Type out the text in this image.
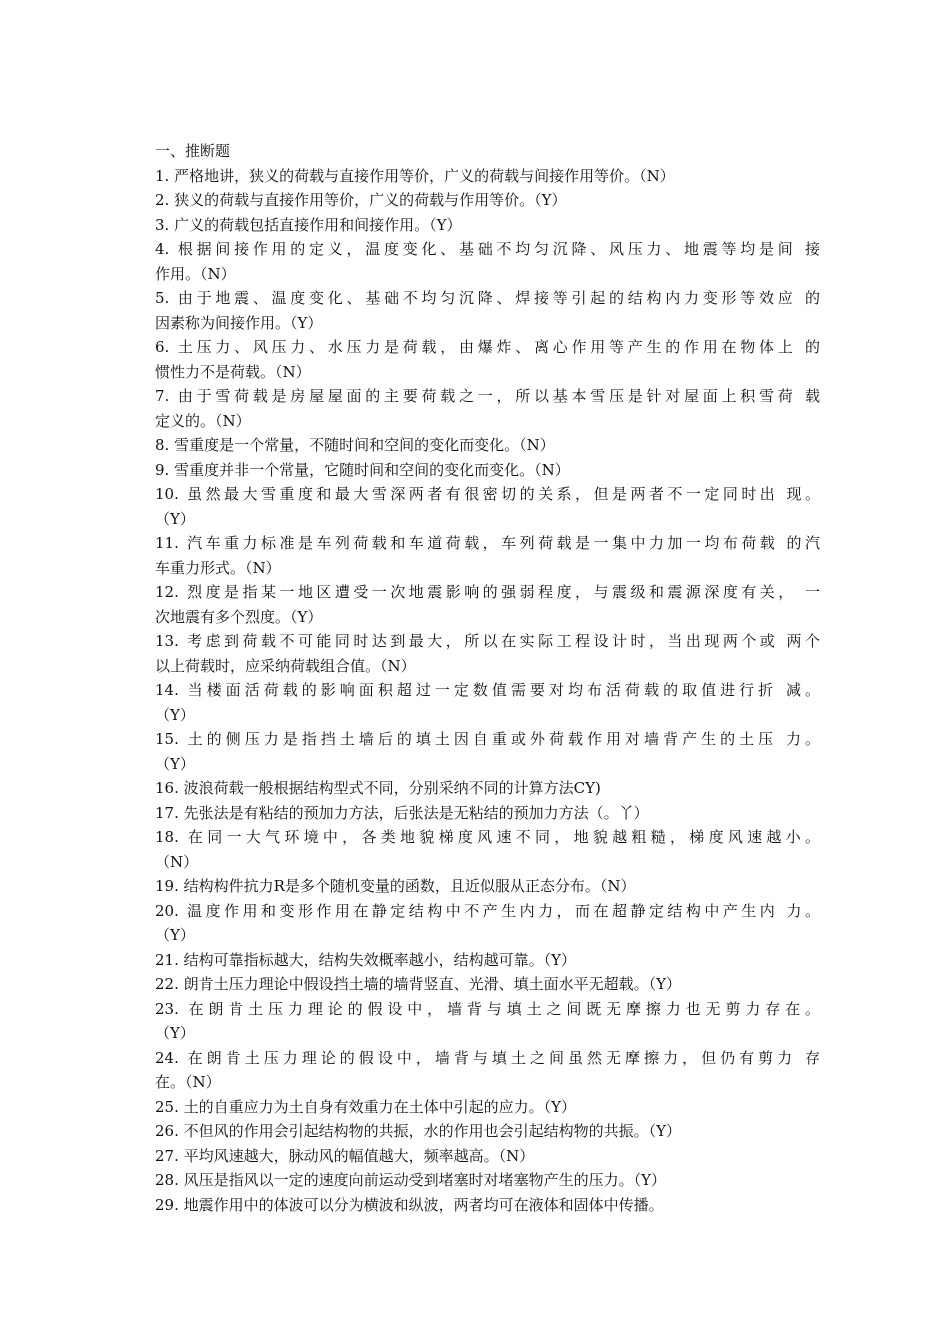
一、推断题
1. 严格地讲，狭义的荷载与直接作用等价，广义的荷载与间接作用等价。（N）
2. 狭义的荷载与直接作用等价，广义的荷载与作用等价。（Y）
3. 广义的荷载包括直接作用和间接作用。（Y）
4. 根据间接作用的定义，温度变化、基础不均匀沉降、风压力、地震等均是间 接
作用。（N）
5. 由于地震、温度变化、基础不均匀沉降、焊接等引起的结构内力变形等效应 的
因素称为间接作用。（Y）
6. 土压力、风压力、水压力是荷载，由爆炸、离心作用等产生的作用在物体上 的
惯性力不是荷载。（N）
7. 由于雪荷载是房屋屋面的主要荷载之一，所以基本雪压是针对屋面上积雪荷 载
定义的。（N）
8. 雪重度是一个常量，不随时间和空间的变化而变化。（N）
9. 雪重度并非一个常量，它随时间和空间的变化而变化。（N）
10. 虽然最大雪重度和最大雪深两者有很密切的关系，但是两者不一定同时出 现。
（Y）
11. 汽车重力标准是车列荷载和车道荷载，车列荷载是一集中力加一均布荷载 的汽
车重力形式。（N）
12. 烈度是指某一地区遭受一次地震影响的强弱程度，与震级和震源深度有关， 一
次地震有多个烈度。（Y）
13. 考虑到荷载不可能同时达到最大，所以在实际工程设计时，当出现两个或 两个
以上荷载时，应采纳荷载组合值。（N）
14. 当楼面活荷载的影响面积超过一定数值需要对均布活荷载的取值进行折 减。
（Y）
15. 土的侧压力是指挡土墙后的填土因自重或外荷载作用对墙背产生的土压 力。
（Y）
16. 波浪荷载一般根据结构型式不同，分别采纳不同的计算方法CY)
17. 先张法是有粘结的预加力方法，后张法是无粘结的预加力方法（。丫）
18. 在同一大气环境中，各类地貌梯度风速不同，地貌越粗糙，梯度风速越小。
（N）
19. 结构构件抗力R是多个随机变量的函数，且近似服从正态分布。（N）
20. 温度作用和变形作用在静定结构中不产生内力，而在超静定结构中产生内 力。
（Y）
21. 结构可靠指标越大，结构失效概率越小，结构越可靠。（Y）
22. 朗肯土压力理论中假设挡土墙的墙背竖直、光滑、填土面水平无超载。（Y）
23. 在朗肯土压力理论的假设中，墙背与填土之间既无摩擦力也无剪力存在。
（Y）
24. 在朗肯土压力理论的假设中，墙背与填土之间虽然无摩擦力，但仍有剪力 存
在。（N）
25. 土的自重应力为土自身有效重力在土体中引起的应力。（Y）
26. 不但风的作用会引起结构物的共振，水的作用也会引起结构物的共振。（Y）
27. 平均风速越大，脉动风的幅值越大，频率越高。（N）
28. 风压是指风以一定的速度向前运动受到堵塞时对堵塞物产生的压力。（Y）
29. 地震作用中的体波可以分为横波和纵波，两者均可在液体和固体中传播。
